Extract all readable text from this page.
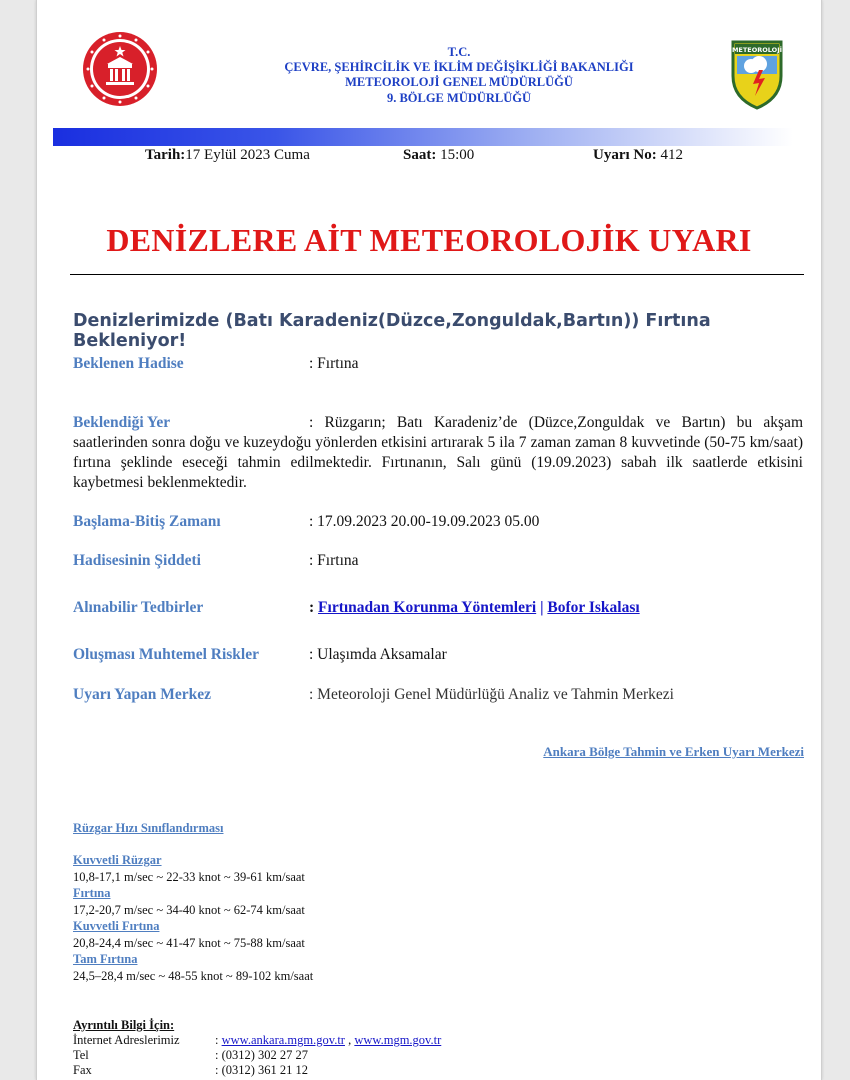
T.C.
ÇEVRE, ŞEHİRCİLİK VE İKLİM DEĞİŞİKLİĞİ BAKANLIĞI
METEOROLOJİ GENEL MÜDÜRLÜĞÜ
9. BÖLGE MÜDÜRLÜĞÜ
METEOROLOJİ
Tarih:17 Eylül 2023 Cuma	Saat: 15:00	Uyarı No: 412
DENİZLERE AİT METEOROLOJİK UYARI
Denizlerimizde (Batı Karadeniz(Düzce,Zonguldak,Bartın)) Fırtına Bekleniyor!
Beklenen Hadise	: Fırtına
Beklendiği Yer	: Rüzgarın; Batı Karadeniz’de (Düzce,Zonguldak ve Bartın) bu akşam saatlerinden sonra doğu ve kuzeydoğu yönlerden etkisini artırarak 5 ila 7 zaman zaman 8 kuvvetinde (50-75 km/saat) fırtına şeklinde eseceği tahmin edilmektedir. Fırtınanın, Salı günü (19.09.2023) sabah ilk saatlerde etkisini kaybetmesi beklenmektedir.
Başlama-Bitiş Zamanı	: 17.09.2023 20.00-19.09.2023 05.00
Hadisesinin Şiddeti	: Fırtına
Alınabilir Tedbirler	: Fırtınadan Korunma Yöntemleri | Bofor Iskalası
Oluşması Muhtemel Riskler	: Ulaşımda Aksamalar
Uyarı Yapan Merkez	: Meteoroloji Genel Müdürlüğü Analiz ve Tahmin Merkezi
Ankara Bölge Tahmin ve Erken Uyarı Merkezi
Rüzgar Hızı Sınıflandırması
Kuvvetli Rüzgar
10,8-17,1 m/sec ~ 22-33 knot ~ 39-61 km/saat
Fırtına
17,2-20,7 m/sec ~ 34-40 knot ~ 62-74 km/saat
Kuvvetli Fırtına
20,8-24,4 m/sec ~ 41-47 knot ~ 75-88 km/saat
Tam Fırtına
24,5–28,4 m/sec ~ 48-55 knot ~ 89-102 km/saat
Ayrıntılı Bilgi İçin:
İnternet Adreslerimiz	: www.ankara.mgm.gov.tr , www.mgm.gov.tr
Tel	: (0312) 302 27 27
Fax	: (0312) 361 21 12
